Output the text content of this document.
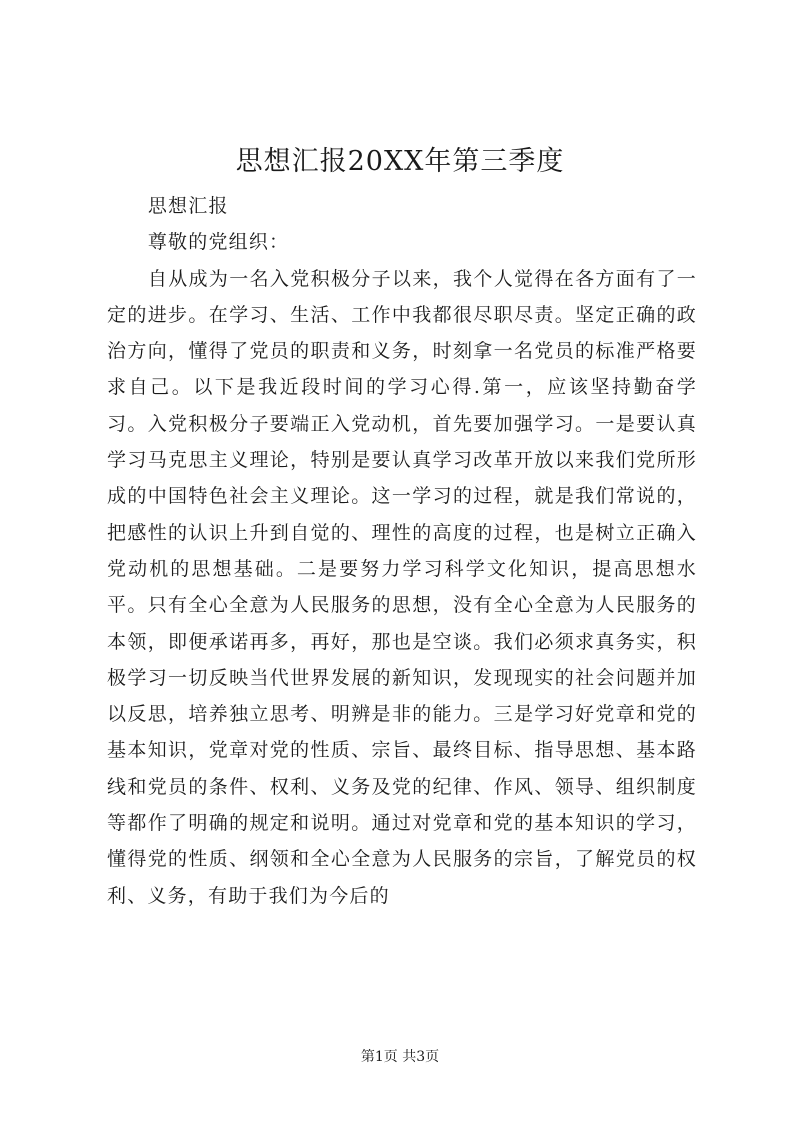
思想汇报20XX年第三季度

思想汇报

尊敬的党组织：

自从成为一名入党积极分子以来，我个人觉得在各方面有了一定的进步。在学习、生活、工作中我都很尽职尽责。坚定正确的政治方向，懂得了党员的职责和义务，时刻拿一名党员的标准严格要求自己。以下是我近段时间的学习心得.第一，应该坚持勤奋学习。入党积极分子要端正入党动机，首先要加强学习。一是要认真学习马克思主义理论，特别是要认真学习改革开放以来我们党所形成的中国特色社会主义理论。这一学习的过程，就是我们常说的，把感性的认识上升到自觉的、理性的高度的过程，也是树立正确入党动机的思想基础。二是要努力学习科学文化知识，提高思想水平。只有全心全意为人民服务的思想，没有全心全意为人民服务的本领，即便承诺再多，再好，那也是空谈。我们必须求真务实，积极学习一切反映当代世界发展的新知识，发现现实的社会问题并加以反思，培养独立思考、明辨是非的能力。三是学习好党章和党的基本知识，党章对党的性质、宗旨、最终目标、指导思想、基本路线和党员的条件、权利、义务及党的纪律、作风、领导、组织制度等都作了明确的规定和说明。通过对党章和党的基本知识的学习，懂得党的性质、纲领和全心全意为人民服务的宗旨，了解党员的权利、义务，有助于我们为今后的

第1页 共3页
